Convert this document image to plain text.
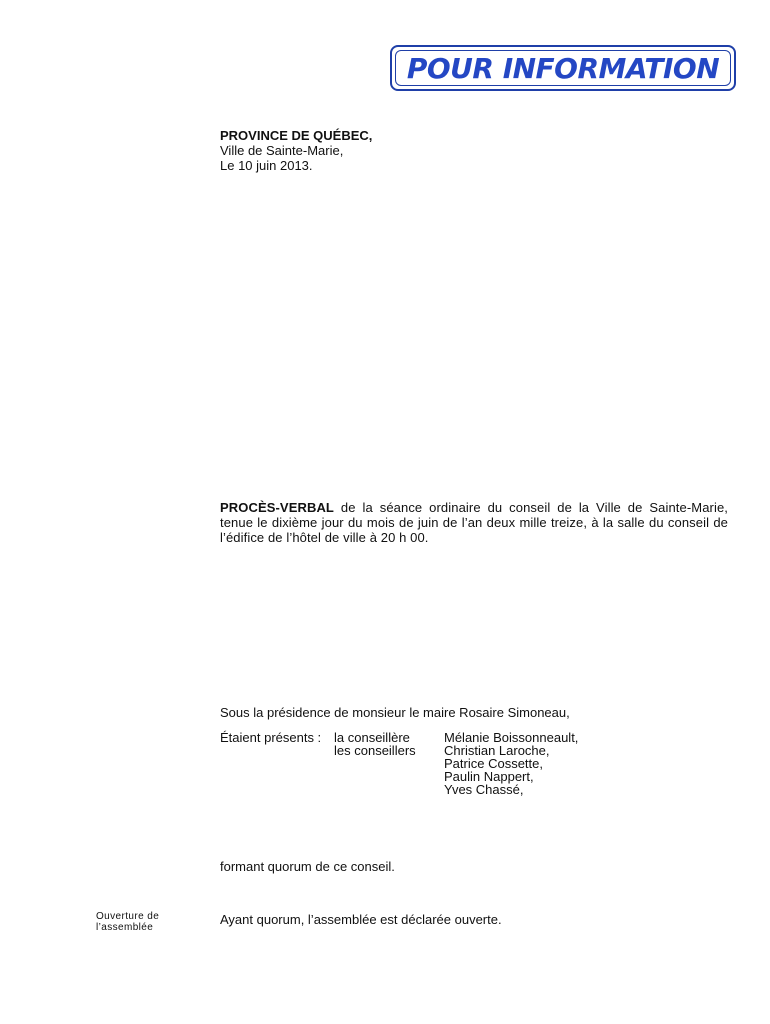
POUR INFORMATION
PROVINCE DE QUÉBEC,
Ville de Sainte-Marie,
Le 10 juin 2013.
PROCÈS-VERBAL de la séance ordinaire du conseil de la Ville de Sainte-Marie, tenue le dixième jour du mois de juin de l’an deux mille treize, à la salle du conseil de l’édifice de l’hôtel de ville à 20 h 00.
Sous la présidence de monsieur le maire Rosaire Simoneau,
Étaient présents : la conseillère
les conseillers
Mélanie Boissonneault,
Christian Laroche,
Patrice Cossette,
Paulin Nappert,
Yves Chassé,
formant quorum de ce conseil.
Ouverture de
l’assemblée
Ayant quorum, l’assemblée est déclarée ouverte.
